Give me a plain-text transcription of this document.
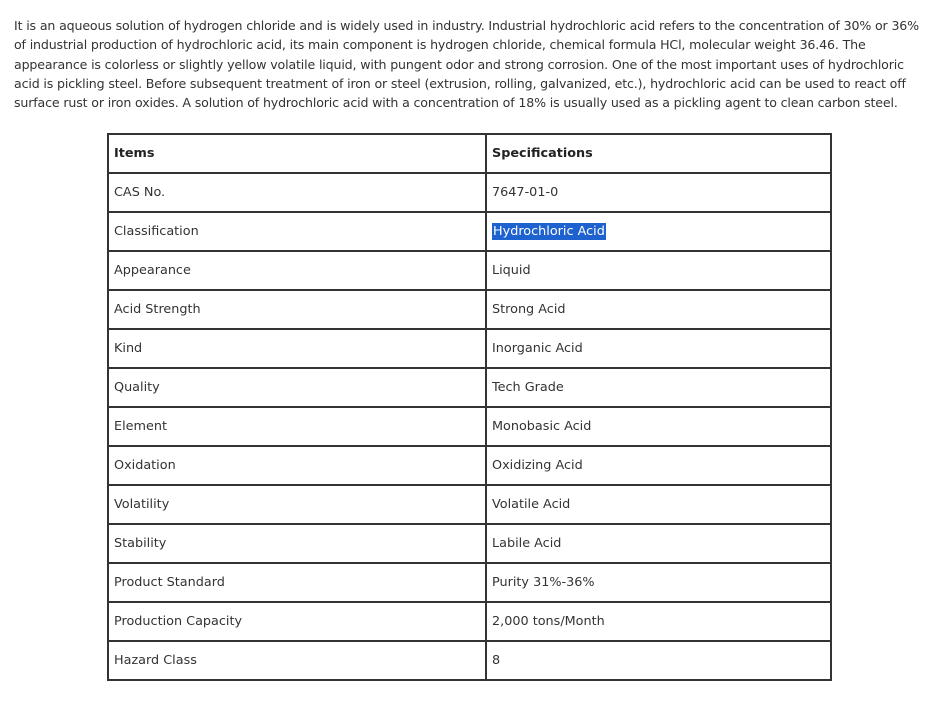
It is an aqueous solution of hydrogen chloride and is widely used in industry. Industrial hydrochloric acid refers to the concentration of 30% or 36% of industrial production of hydrochloric acid, its main component is hydrogen chloride, chemical formula HCl, molecular weight 36.46. The appearance is colorless or slightly yellow volatile liquid, with pungent odor and strong corrosion. One of the most important uses of hydrochloric acid is pickling steel. Before subsequent treatment of iron or steel (extrusion, rolling, galvanized, etc.), hydrochloric acid can be used to react off surface rust or iron oxides. A solution of hydrochloric acid with a concentration of 18% is usually used as a pickling agent to clean carbon steel.

Items	Specifications
CAS No.	7647-01-0
Classification	Hydrochloric Acid
Appearance	Liquid
Acid Strength	Strong Acid
Kind	Inorganic Acid
Quality	Tech Grade
Element	Monobasic Acid
Oxidation	Oxidizing Acid
Volatility	Volatile Acid
Stability	Labile Acid
Product Standard	Purity 31%-36%
Production Capacity	2,000 tons/Month
Hazard Class	8
